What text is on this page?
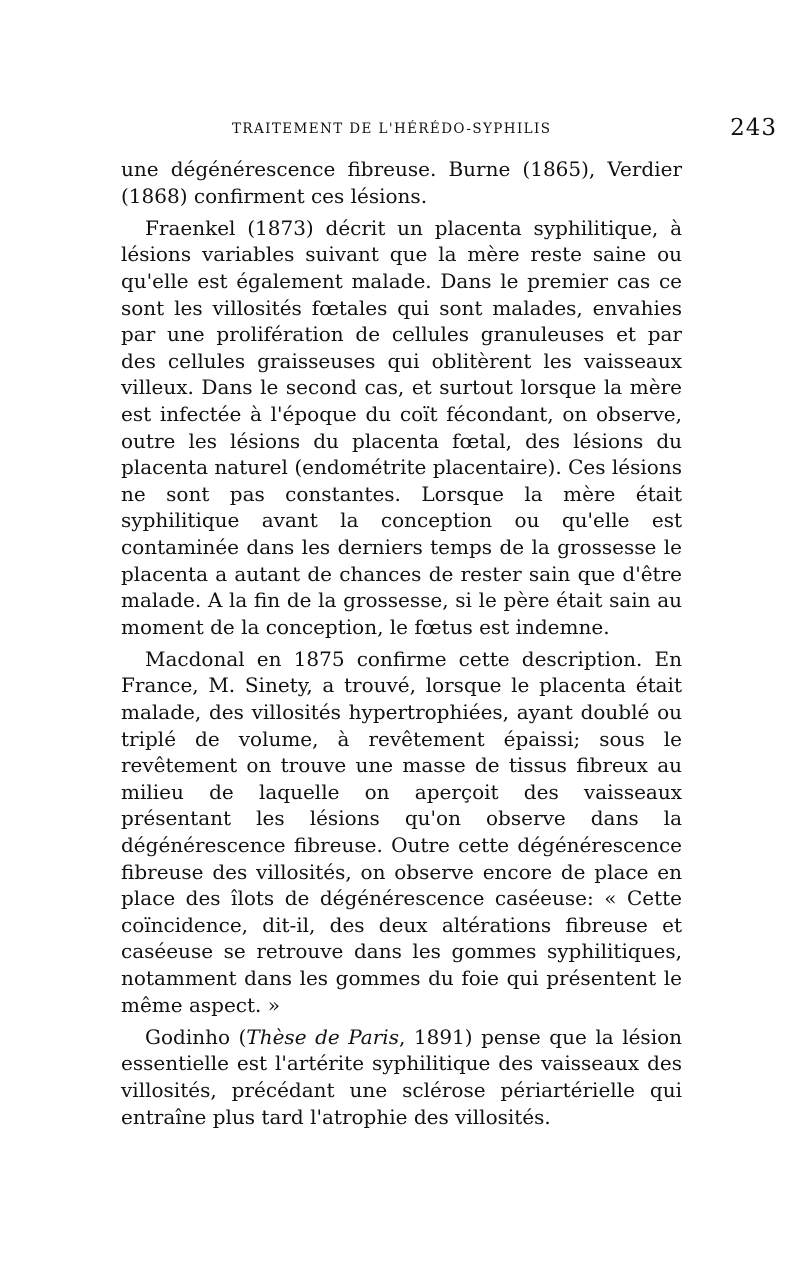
TRAITEMENT DE L'HÉRÉDO-SYPHILIS	243

une dégénérescence fibreuse. Burne (1865), Verdier (1868) confirment ces lésions.

Fraenkel (1873) décrit un placenta syphilitique, à lésions variables suivant que la mère reste saine ou qu'elle est également malade. Dans le premier cas ce sont les villosités fœtales qui sont malades, envahies par une prolifération de cellules granuleuses et par des cellules graisseuses qui oblitèrent les vaisseaux villeux. Dans le second cas, et surtout lorsque la mère est infectée à l'époque du coït fécondant, on observe, outre les lésions du placenta fœtal, des lésions du placenta naturel (endométrite placentaire). Ces lésions ne sont pas constantes. Lorsque la mère était syphilitique avant la conception ou qu'elle est contaminée dans les derniers temps de la grossesse le placenta a autant de chances de rester sain que d'être malade. A la fin de la grossesse, si le père était sain au moment de la conception, le fœtus est indemne.

Macdonal en 1875 confirme cette description. En France, M. Sinety, a trouvé, lorsque le placenta était malade, des villosités hypertrophiées, ayant doublé ou triplé de volume, à revêtement épaissi; sous le revêtement on trouve une masse de tissus fibreux au milieu de laquelle on aperçoit des vaisseaux présentant les lésions qu'on observe dans la dégénérescence fibreuse. Outre cette dégénérescence fibreuse des villosités, on observe encore de place en place des îlots de dégénérescence caséeuse: « Cette coïncidence, dit-il, des deux altérations fibreuse et caséeuse se retrouve dans les gommes syphilitiques, notamment dans les gommes du foie qui présentent le même aspect. »

Godinho (Thèse de Paris, 1891) pense que la lésion essentielle est l'artérite syphilitique des vaisseaux des villosités, précédant une sclérose périartérielle qui entraîne plus tard l'atrophie des villosités.
